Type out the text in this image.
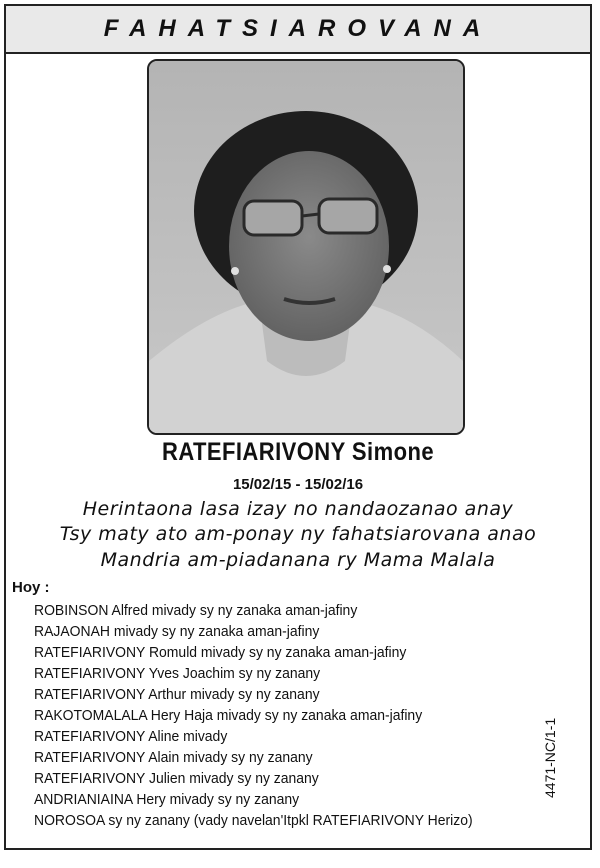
FAHATSIAROVANA
RATEFIARIVONY Simone
15/02/15 - 15/02/16
Herintaona lasa izay no nandaozanao anay
Tsy maty ato am-ponay ny fahatsiarovana anao
Mandria am-piadanana ry Mama Malala
Hoy :
ROBINSON Alfred mivady sy ny zanaka aman-jafiny
RAJAONAH mivady sy ny zanaka aman-jafiny
RATEFIARIVONY Romuld mivady sy ny zanaka aman-jafiny
RATEFIARIVONY Yves Joachim sy ny zanany
RATEFIARIVONY Arthur mivady sy ny zanany
RAKOTOMALALA Hery Haja mivady sy ny zanaka aman-jafiny
RATEFIARIVONY Aline mivady
RATEFIARIVONY Alain mivady sy ny zanany
RATEFIARIVONY Julien mivady sy ny zanany
ANDRIANIAINA Hery mivady sy ny zanany
NOROSOA sy ny zanany (vady navelan'Itpkl RATEFIARIVONY Herizo)
4471-NC/1-1
